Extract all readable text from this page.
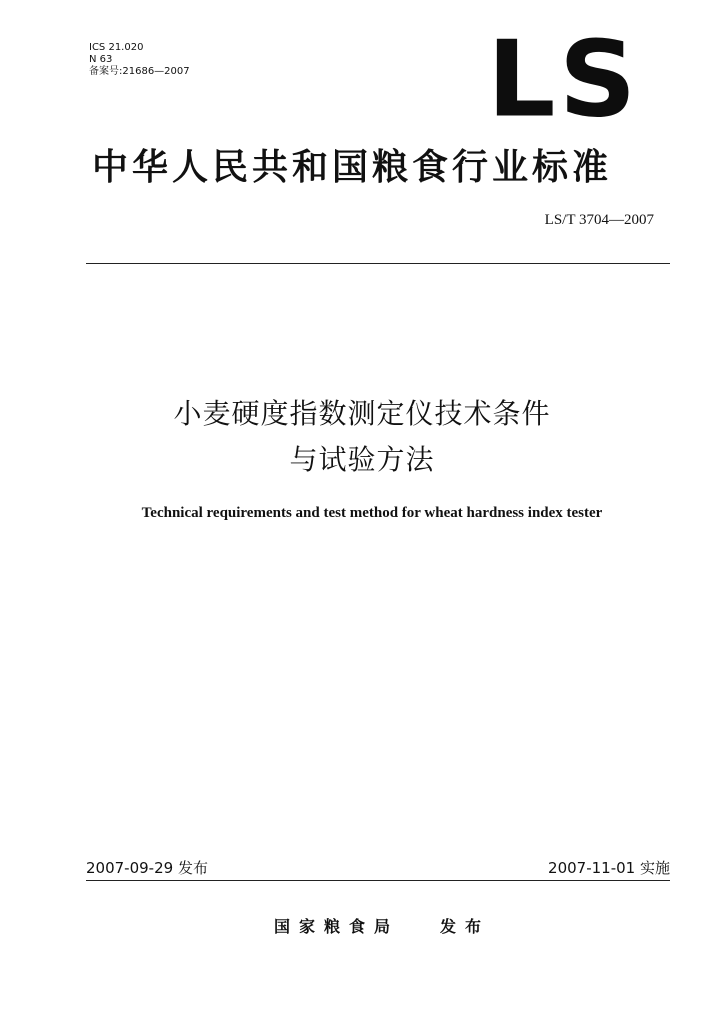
ICS 21.020
N 63
备案号:21686—2007 LS
中华人民共和国粮食行业标准
LS/T 3704—2007
小麦硬度指数测定仪技术条件
与试验方法
Technical requirements and test method for wheat hardness index tester
2007-09-29 发布	2007-11-01 实施
国家粮食局	发布
